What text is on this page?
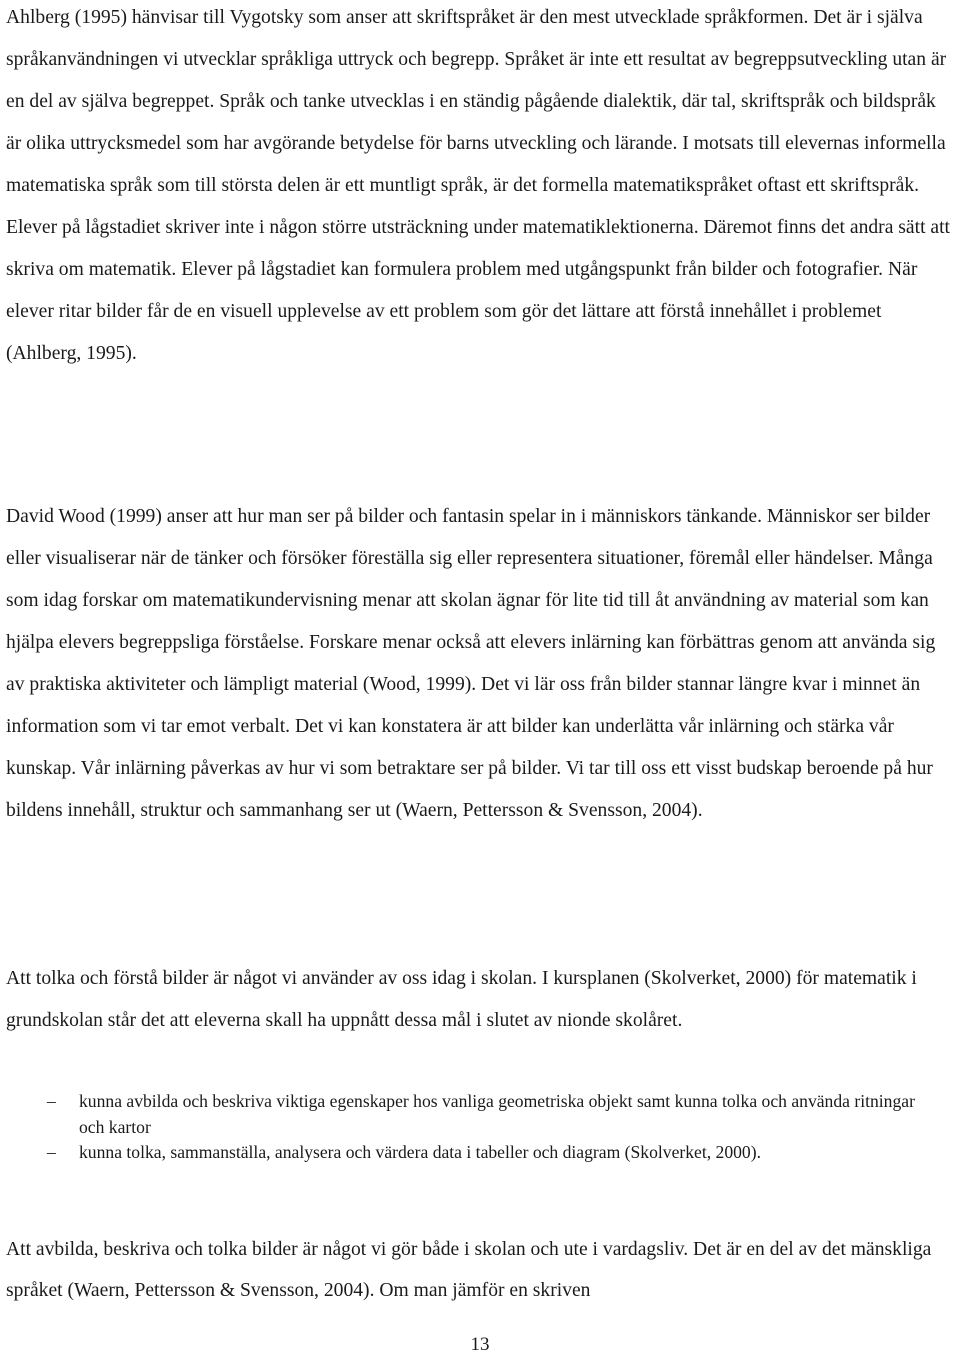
Ahlberg (1995) hänvisar till Vygotsky som anser att skriftspråket är den mest utvecklade språkformen. Det är i själva språkanvändningen vi utvecklar språkliga uttryck och begrepp. Språket är inte ett resultat av begreppsutveckling utan är en del av själva begreppet. Språk och tanke utvecklas i en ständig pågående dialektik, där tal, skriftspråk och bildspråk är olika uttrycksmedel som har avgörande betydelse för barns utveckling och lärande. I motsats till elevernas informella matematiska språk som till största delen är ett muntligt språk, är det formella matematikspråket oftast ett skriftspråk. Elever på lågstadiet skriver inte i någon större utsträckning under matematiklektionerna. Däremot finns det andra sätt att skriva om matematik. Elever på lågstadiet kan formulera problem med utgångspunkt från bilder och fotografier. När elever ritar bilder får de en visuell upplevelse av ett problem som gör det lättare att förstå innehållet i problemet (Ahlberg, 1995).

David Wood (1999) anser att hur man ser på bilder och fantasin spelar in i människors tänkande. Människor ser bilder eller visualiserar när de tänker och försöker föreställa sig eller representera situationer, föremål eller händelser. Många som idag forskar om matematikundervisning menar att skolan ägnar för lite tid till åt användning av material som kan hjälpa elevers begreppsliga förståelse. Forskare menar också att elevers inlärning kan förbättras genom att använda sig av praktiska aktiviteter och lämpligt material (Wood, 1999). Det vi lär oss från bilder stannar längre kvar i minnet än information som vi tar emot verbalt. Det vi kan konstatera är att bilder kan underlätta vår inlärning och stärka vår kunskap. Vår inlärning påverkas av hur vi som betraktare ser på bilder. Vi tar till oss ett visst budskap beroende på hur bildens innehåll, struktur och sammanhang ser ut (Waern, Pettersson & Svensson, 2004).

Att tolka och förstå bilder är något vi använder av oss idag i skolan. I kursplanen (Skolverket, 2000) för matematik i grundskolan står det att eleverna skall ha uppnått dessa mål i slutet av nionde skolåret.

–	kunna avbilda och beskriva viktiga egenskaper hos vanliga geometriska objekt samt kunna tolka och använda ritningar och kartor
–	kunna tolka, sammanställa, analysera och värdera data i tabeller och diagram (Skolverket, 2000).

Att avbilda, beskriva och tolka bilder är något vi gör både i skolan och ute i vardagsliv. Det är en del av det mänskliga språket (Waern, Pettersson & Svensson, 2004). Om man jämför en skriven

13
